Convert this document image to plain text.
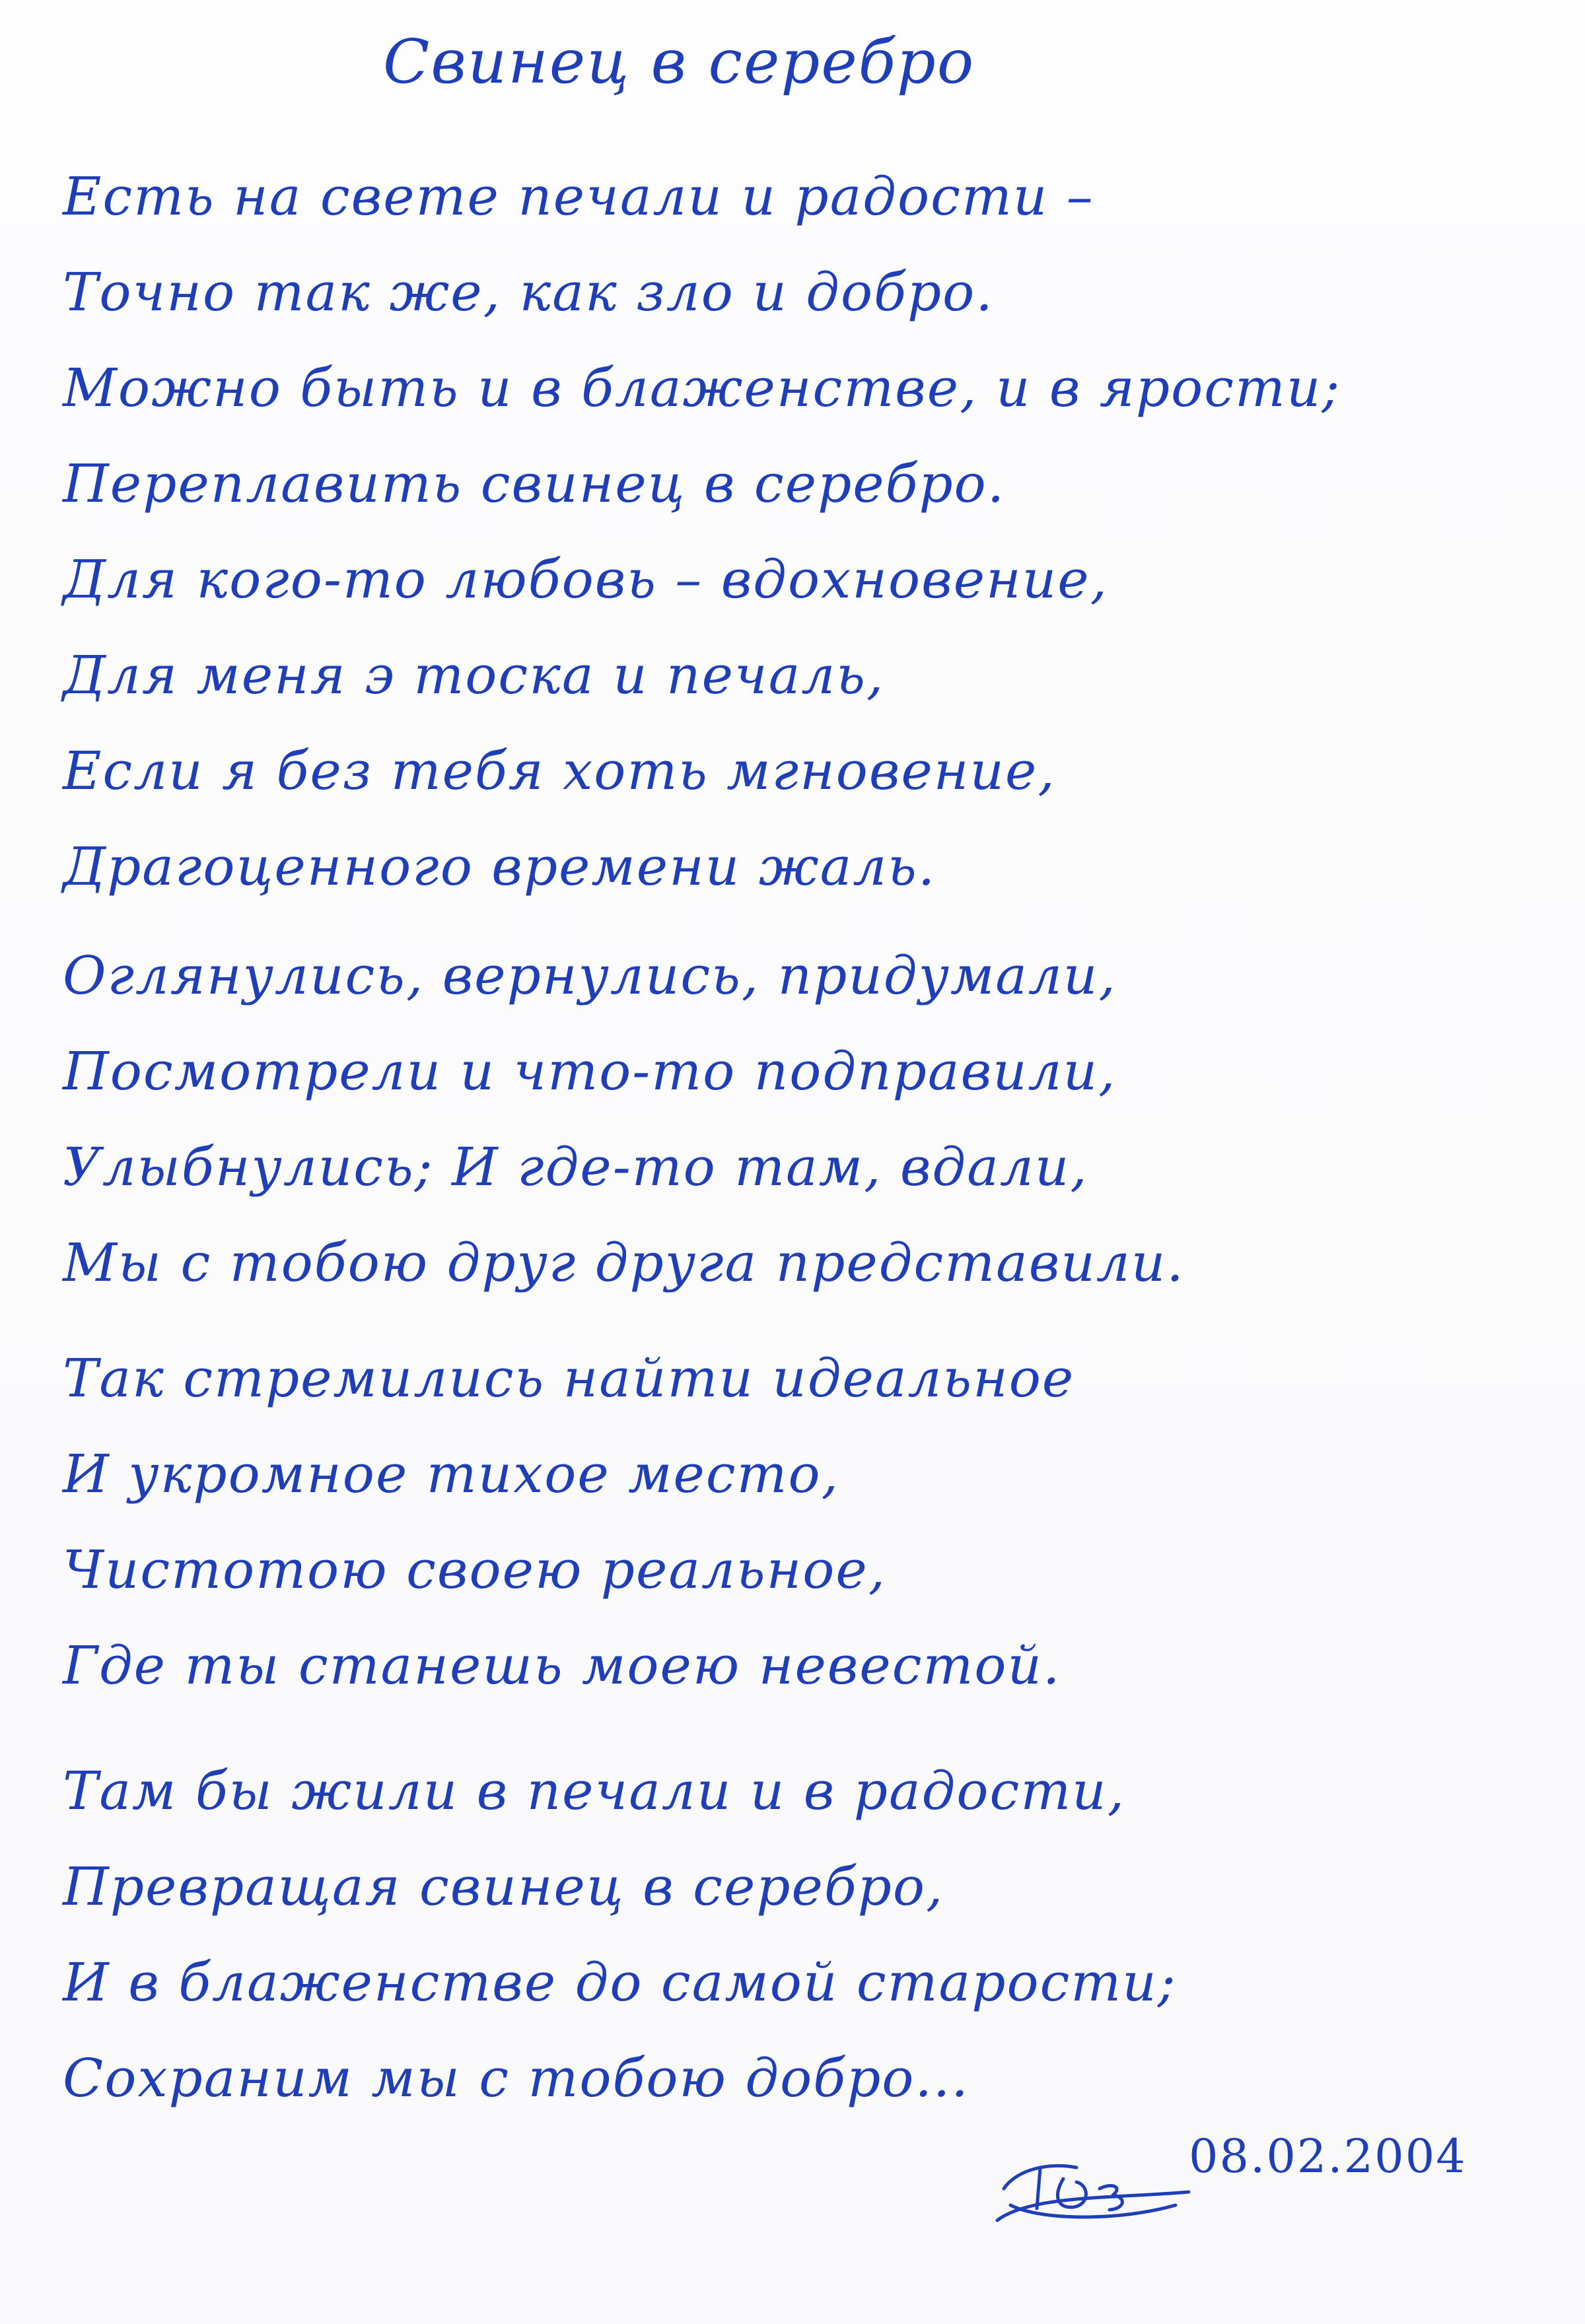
Свинец в серебро
Есть на свете печали и радости –
Точно так же, как зло и добро.
Можно быть и в блаженстве, и в ярости;
Переплавить свинец в серебро.
Для кого-то любовь – вдохновение,
Для меня э тоска и печаль,
Если я без тебя хоть мгновение,
Драгоценного времени жаль.
Оглянулись, вернулись, придумали,
Посмотрели и что-то подправили,
Улыбнулись; И где-то там, вдали,
Мы с тобою друг друга представили.
Так стремились найти идеальное
И укромное тихое место,
Чистотою своею реальное,
Где ты станешь моею невестой.
Там бы жили в печали и в радости,
Превращая свинец в серебро,
И в блаженстве до самой старости;
Сохраним мы с тобою добро...
08.02.2004
